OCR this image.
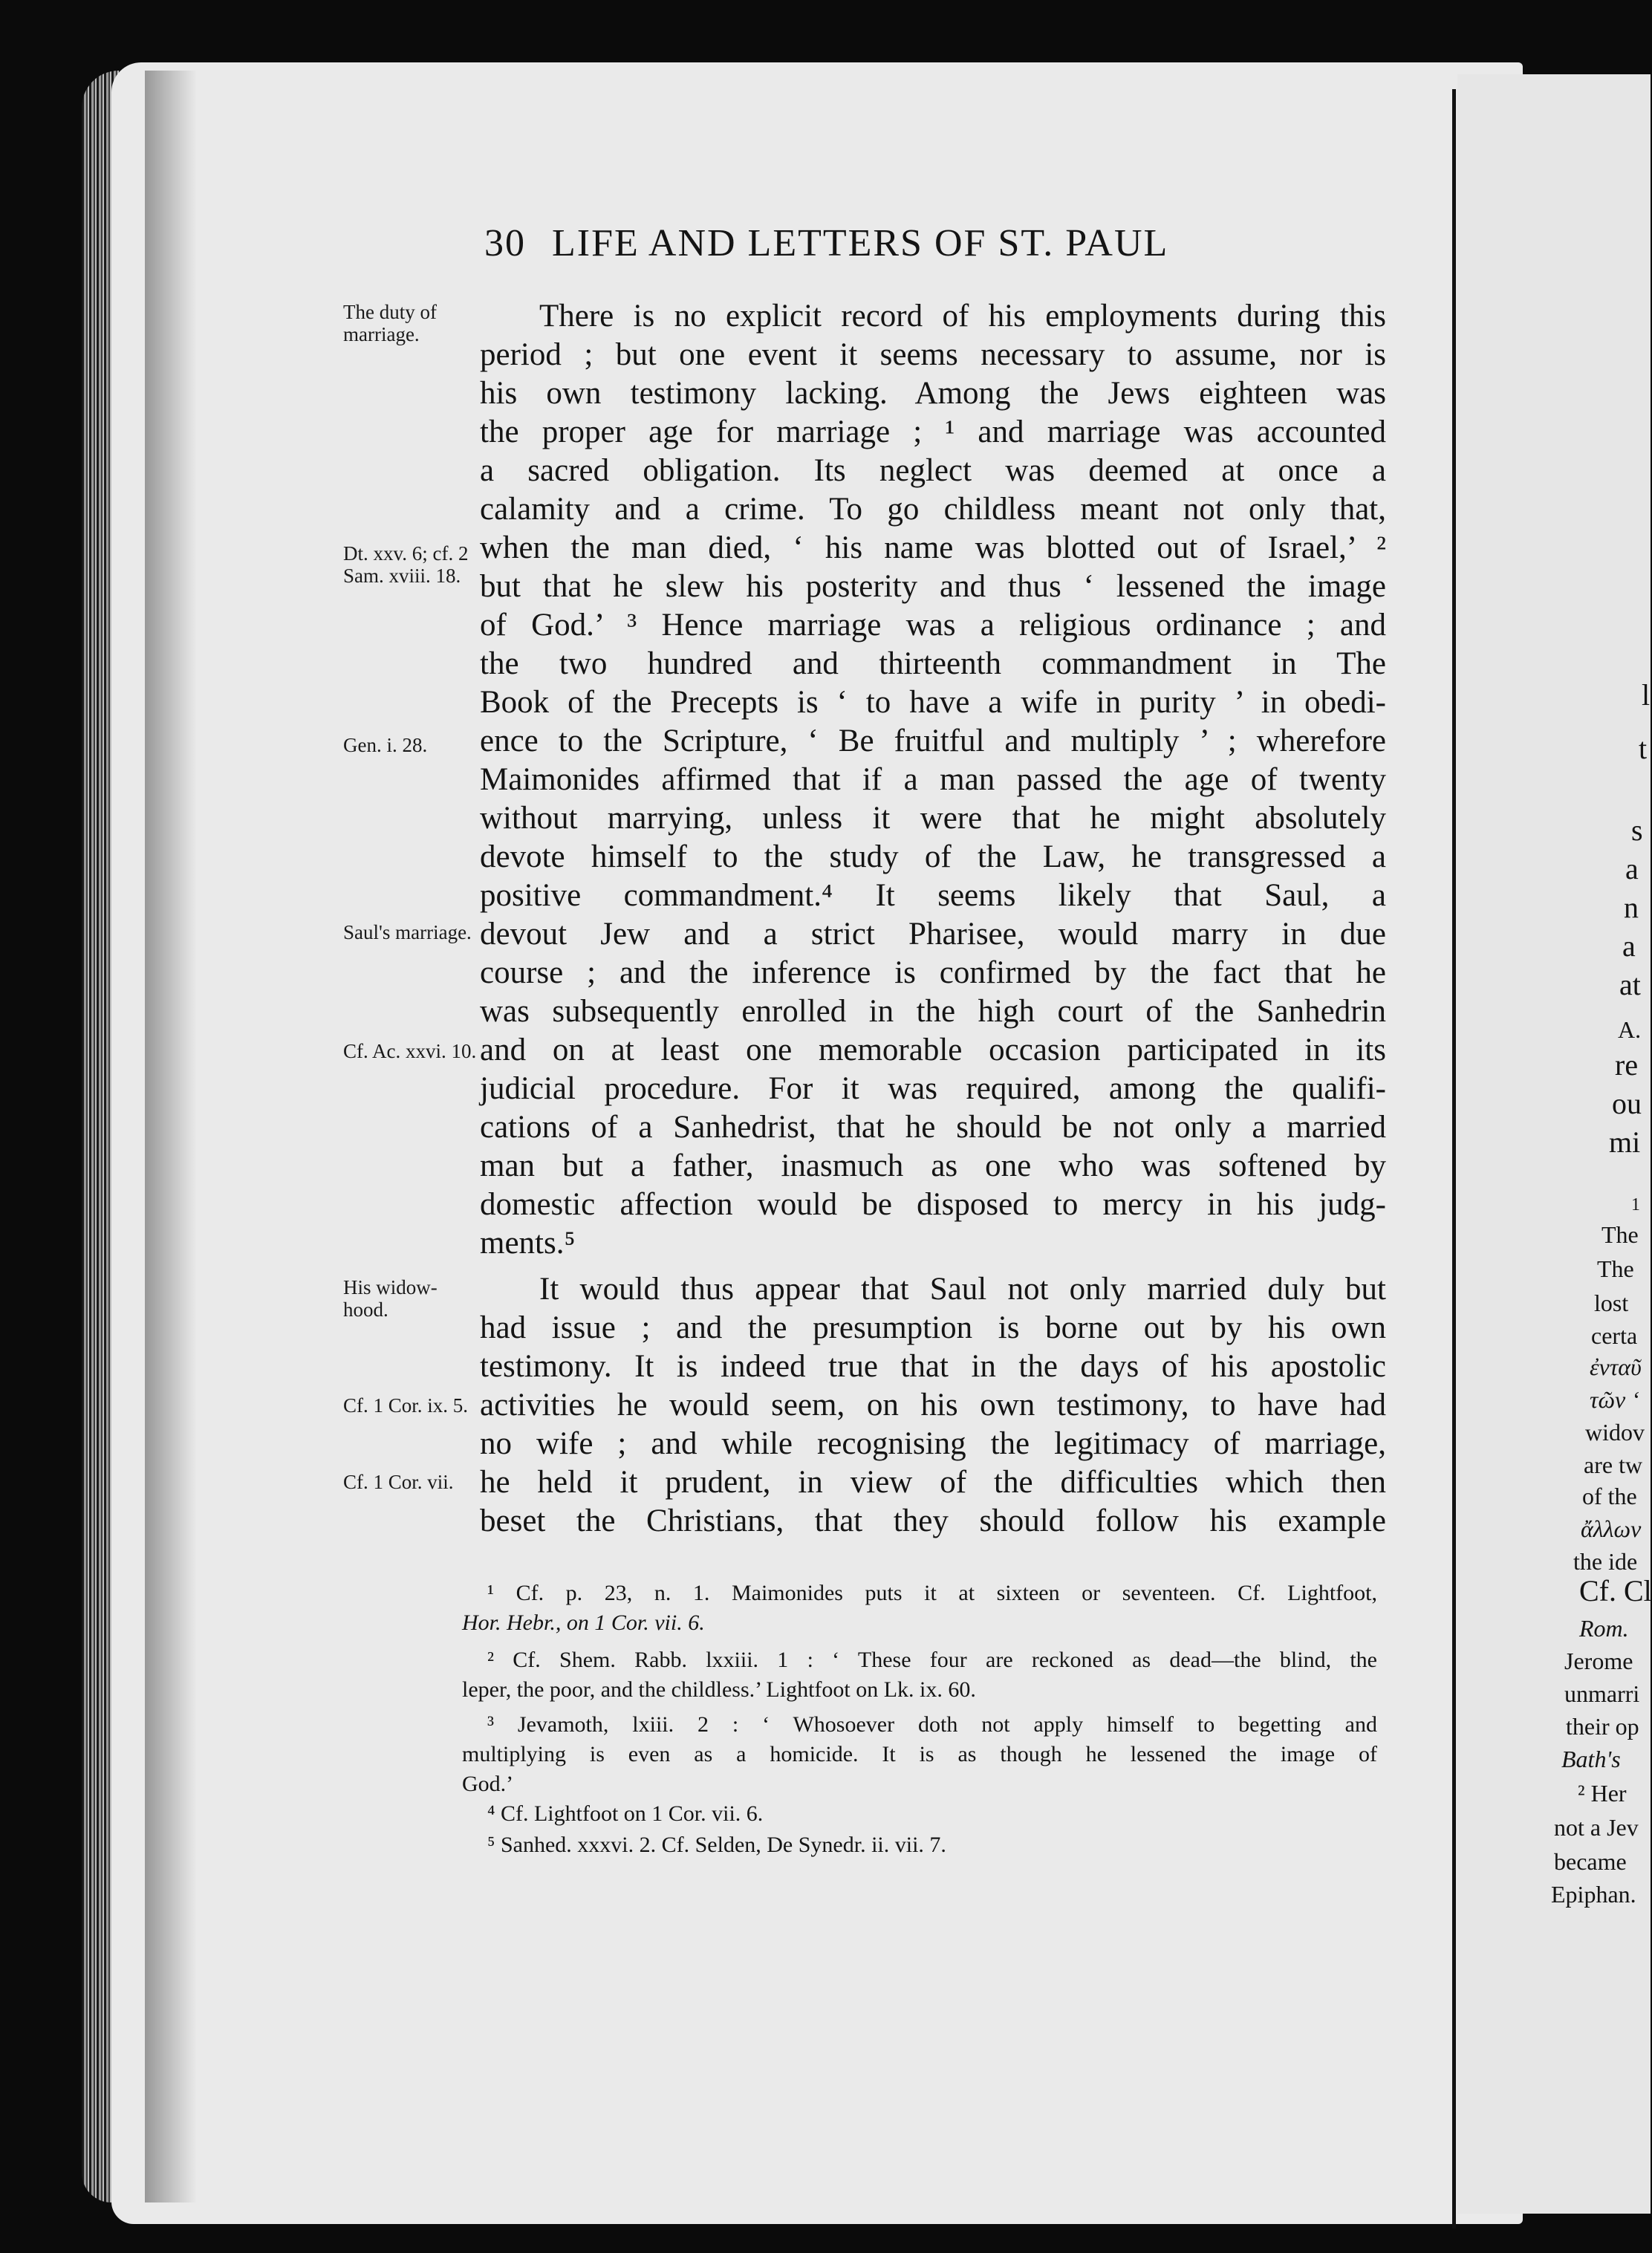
30 LIFE AND LETTERS OF ST. PAUL
The duty of marriage.
Dt. xxv. 6; cf. 2 Sam. xviii. 18.
Gen. i. 28.
Saul's marriage.
Cf. Ac. xxvi. 10.
His widow-hood.
Cf. 1 Cor. ix. 5.
Cf. 1 Cor. vii.
There is no explicit record of his employments during this
period ; but one event it seems necessary to assume, nor is
his own testimony lacking. Among the Jews eighteen was
the proper age for marriage ; ¹ and marriage was accounted
a sacred obligation. Its neglect was deemed at once a
calamity and a crime. To go childless meant not only that,
when the man died, ‘ his name was blotted out of Israel,’ ²
but that he slew his posterity and thus ‘ lessened the image
of God.’ ³ Hence marriage was a religious ordinance ; and
the two hundred and thirteenth commandment in The
Book of the Precepts is ‘ to have a wife in purity ’ in obedi-
ence to the Scripture, ‘ Be fruitful and multiply ’ ; wherefore
Maimonides affirmed that if a man passed the age of twenty
without marrying, unless it were that he might absolutely
devote himself to the study of the Law, he transgressed a
positive commandment.⁴ It seems likely that Saul, a
devout Jew and a strict Pharisee, would marry in due
course ; and the inference is confirmed by the fact that he
was subsequently enrolled in the high court of the Sanhedrin
and on at least one memorable occasion participated in its
judicial procedure. For it was required, among the qualifi-
cations of a Sanhedrist, that he should be not only a married
man but a father, inasmuch as one who was softened by
domestic affection would be disposed to mercy in his judg-
ments.⁵
It would thus appear that Saul not only married duly but
had issue ; and the presumption is borne out by his own
testimony. It is indeed true that in the days of his apostolic
activities he would seem, on his own testimony, to have had
no wife ; and while recognising the legitimacy of marriage,
he held it prudent, in view of the difficulties which then
beset the Christians, that they should follow his example
¹ Cf. p. 23, n. 1. Maimonides puts it at sixteen or seventeen. Cf. Lightfoot,
Hor. Hebr., on 1 Cor. vii. 6.
² Cf. Shem. Rabb. lxxiii. 1 : ‘ These four are reckoned as dead—the blind, the
leper, the poor, and the childless.’ Lightfoot on Lk. ix. 60.
³ Jevamoth, lxiii. 2 : ‘ Whosoever doth not apply himself to begetting and
multiplying is even as a homicide. It is as though he lessened the image of
God.’
⁴ Cf. Lightfoot on 1 Cor. vii. 6.
⁵ Sanhed. xxxvi. 2. Cf. Selden, De Synedr. ii. vii. 7.
l
t
s
a
n
a
at
A.
re
ou
mi
1
The
The
lost
certa
ἐνταῦ
τῶν ‘
widov
are tw
of the
ἄλλων
the ide
Cf. Cl
Rom.
Jerome
unmarri
their op
Bath's
² Her
not a Jev
became
Epiphan.
